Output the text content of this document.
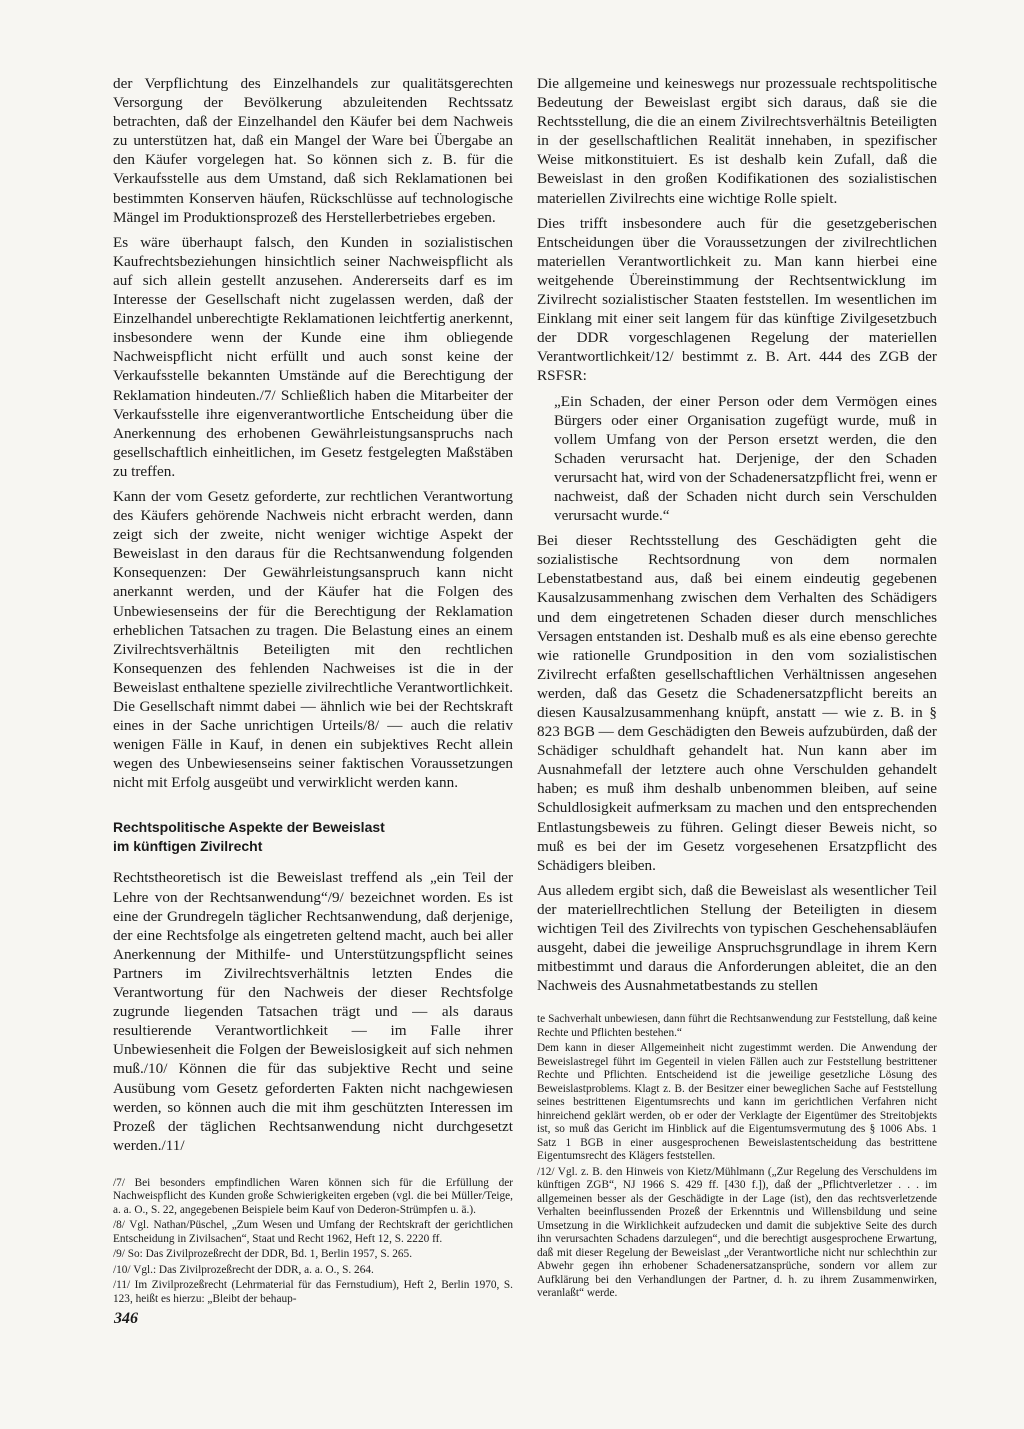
der Verpflichtung des Einzelhandels zur qualitätsgerechten Versorgung der Bevölkerung abzuleitenden Rechtssatz betrachten, daß der Einzelhandel den Käufer bei dem Nachweis zu unterstützen hat, daß ein Mangel der Ware bei Übergabe an den Käufer vorgelegen hat. So können sich z. B. für die Verkaufsstelle aus dem Umstand, daß sich Reklamationen bei bestimmten Konserven häufen, Rückschlüsse auf technologische Mängel im Produktionsprozeß des Herstellerbetriebes ergeben.

Es wäre überhaupt falsch, den Kunden in sozialistischen Kaufrechtsbeziehungen hinsichtlich seiner Nachweispflicht als auf sich allein gestellt anzusehen. Andererseits darf es im Interesse der Gesellschaft nicht zugelassen werden, daß der Einzelhandel unberechtigte Reklamationen leichtfertig anerkennt, insbesondere wenn der Kunde eine ihm obliegende Nachweispflicht nicht erfüllt und auch sonst keine der Verkaufsstelle bekannten Umstände auf die Berechtigung der Reklamation hindeuten./7/ Schließlich haben die Mitarbeiter der Verkaufsstelle ihre eigenverantwortliche Entscheidung über die Anerkennung des erhobenen Gewährleistungsanspruchs nach gesellschaftlich einheitlichen, im Gesetz festgelegten Maßstäben zu treffen.

Kann der vom Gesetz geforderte, zur rechtlichen Verantwortung des Käufers gehörende Nachweis nicht erbracht werden, dann zeigt sich der zweite, nicht weniger wichtige Aspekt der Beweislast in den daraus für die Rechtsanwendung folgenden Konsequenzen: Der Gewährleistungsanspruch kann nicht anerkannt werden, und der Käufer hat die Folgen des Unbewiesenseins der für die Berechtigung der Reklamation erheblichen Tatsachen zu tragen. Die Belastung eines an einem Zivilrechtsverhältnis Beteiligten mit den rechtlichen Konsequenzen des fehlenden Nachweises ist die in der Beweislast enthaltene spezielle zivilrechtliche Verantwortlichkeit. Die Gesellschaft nimmt dabei — ähnlich wie bei der Rechtskraft eines in der Sache unrichtigen Urteils/8/ — auch die relativ wenigen Fälle in Kauf, in denen ein subjektives Recht allein wegen des Unbewiesenseins seiner faktischen Voraussetzungen nicht mit Erfolg ausgeübt und verwirklicht werden kann.

Rechtspolitische Aspekte der Beweislast
im künftigen Zivilrecht

Rechtstheoretisch ist die Beweislast treffend als „ein Teil der Lehre von der Rechtsanwendung“/9/ bezeichnet worden. Es ist eine der Grundregeln täglicher Rechtsanwendung, daß derjenige, der eine Rechtsfolge als eingetreten geltend macht, auch bei aller Anerkennung der Mithilfe- und Unterstützungspflicht seines Partners im Zivilrechtsverhältnis letzten Endes die Verantwortung für den Nachweis der dieser Rechtsfolge zugrunde liegenden Tatsachen trägt und — als daraus resultierende Verantwortlichkeit — im Falle ihrer Unbewiesenheit die Folgen der Beweislosigkeit auf sich nehmen muß./10/ Können die für das subjektive Recht und seine Ausübung vom Gesetz geforderten Fakten nicht nachgewiesen werden, so können auch die mit ihm geschützten Interessen im Prozeß der täglichen Rechtsanwendung nicht durchgesetzt werden./11/

/7/ Bei besonders empfindlichen Waren können sich für die Erfüllung der Nachweispflicht des Kunden große Schwierigkeiten ergeben (vgl. die bei Müller/Teige, a. a. O., S. 22, angegebenen Beispiele beim Kauf von Dederon-Strümpfen u. ä.).

/8/ Vgl. Nathan/Püschel, „Zum Wesen und Umfang der Rechtskraft der gerichtlichen Entscheidung in Zivilsachen“, Staat und Recht 1962, Heft 12, S. 2220 ff.

/9/ So: Das Zivilprozeßrecht der DDR, Bd. 1, Berlin 1957, S. 265.

/10/ Vgl.: Das Zivilprozeßrecht der DDR, a. a. O., S. 264.

/11/ Im Zivilprozeßrecht (Lehrmaterial für das Fernstudium), Heft 2, Berlin 1970, S. 123, heißt es hierzu: „Bleibt der behaup-

Die allgemeine und keineswegs nur prozessuale rechtspolitische Bedeutung der Beweislast ergibt sich daraus, daß sie die Rechtsstellung, die die an einem Zivilrechtsverhältnis Beteiligten in der gesellschaftlichen Realität innehaben, in spezifischer Weise mitkonstituiert. Es ist deshalb kein Zufall, daß die Beweislast in den großen Kodifikationen des sozialistischen materiellen Zivilrechts eine wichtige Rolle spielt.

Dies trifft insbesondere auch für die gesetzgeberischen Entscheidungen über die Voraussetzungen der zivilrechtlichen materiellen Verantwortlichkeit zu. Man kann hierbei eine weitgehende Übereinstimmung der Rechtsentwicklung im Zivilrecht sozialistischer Staaten feststellen. Im wesentlichen im Einklang mit einer seit langem für das künftige Zivilgesetzbuch der DDR vorgeschlagenen Regelung der materiellen Verantwortlichkeit/12/ bestimmt z. B. Art. 444 des ZGB der RSFSR:

„Ein Schaden, der einer Person oder dem Vermögen eines Bürgers oder einer Organisation zugefügt wurde, muß in vollem Umfang von der Person ersetzt werden, die den Schaden verursacht hat. Derjenige, der den Schaden verursacht hat, wird von der Schadenersatzpflicht frei, wenn er nachweist, daß der Schaden nicht durch sein Verschulden verursacht wurde.“

Bei dieser Rechtsstellung des Geschädigten geht die sozialistische Rechtsordnung von dem normalen Lebenstatbestand aus, daß bei einem eindeutig gegebenen Kausalzusammenhang zwischen dem Verhalten des Schädigers und dem eingetretenen Schaden dieser durch menschliches Versagen entstanden ist. Deshalb muß es als eine ebenso gerechte wie rationelle Grundposition in den vom sozialistischen Zivilrecht erfaßten gesellschaftlichen Verhältnissen angesehen werden, daß das Gesetz die Schadenersatzpflicht bereits an diesen Kausalzusammenhang knüpft, anstatt — wie z. B. in § 823 BGB — dem Geschädigten den Beweis aufzubürden, daß der Schädiger schuldhaft gehandelt hat. Nun kann aber im Ausnahmefall der letztere auch ohne Verschulden gehandelt haben; es muß ihm deshalb unbenommen bleiben, auf seine Schuldlosigkeit aufmerksam zu machen und den entsprechenden Entlastungsbeweis zu führen. Gelingt dieser Beweis nicht, so muß es bei der im Gesetz vorgesehenen Ersatzpflicht des Schädigers bleiben.

Aus alledem ergibt sich, daß die Beweislast als wesentlicher Teil der materiellrechtlichen Stellung der Beteiligten in diesem wichtigen Teil des Zivilrechts von typischen Geschehensabläufen ausgeht, dabei die jeweilige Anspruchsgrundlage in ihrem Kern mitbestimmt und daraus die Anforderungen ableitet, die an den Nachweis des Ausnahmetatbestands zu stellen

te Sachverhalt unbewiesen, dann führt die Rechtsanwendung zur Feststellung, daß keine Rechte und Pflichten bestehen.“

Dem kann in dieser Allgemeinheit nicht zugestimmt werden. Die Anwendung der Beweislastregel führt im Gegenteil in vielen Fällen auch zur Feststellung bestrittener Rechte und Pflichten. Entscheidend ist die jeweilige gesetzliche Lösung des Beweislastproblems. Klagt z. B. der Besitzer einer beweglichen Sache auf Feststellung seines bestrittenen Eigentumsrechts und kann im gerichtlichen Verfahren nicht hinreichend geklärt werden, ob er oder der Verklagte der Eigentümer des Streitobjekts ist, so muß das Gericht im Hinblick auf die Eigentumsvermutung des § 1006 Abs. 1 Satz 1 BGB in einer ausgesprochenen Beweislastentscheidung das bestrittene Eigentumsrecht des Klägers feststellen.

/12/ Vgl. z. B. den Hinweis von Kietz/Mühlmann („Zur Regelung des Verschuldens im künftigen ZGB“, NJ 1966 S. 429 ff. [430 f.]), daß der „Pflichtverletzer . . . im allgemeinen besser als der Geschädigte in der Lage (ist), den das rechtsverletzende Verhalten beeinflussenden Prozeß der Erkenntnis und Willensbildung und seine Umsetzung in die Wirklichkeit aufzudecken und damit die subjektive Seite des durch ihn verursachten Schadens darzulegen“, und die berechtigt ausgesprochene Erwartung, daß mit dieser Regelung der Beweislast „der Verantwortliche nicht nur schlechthin zur Abwehr gegen ihn erhobener Schadenersatzansprüche, sondern vor allem zur Aufklärung bei den Verhandlungen der Partner, d. h. zu ihrem Zusammenwirken, veranlaßt“ werde.

346
